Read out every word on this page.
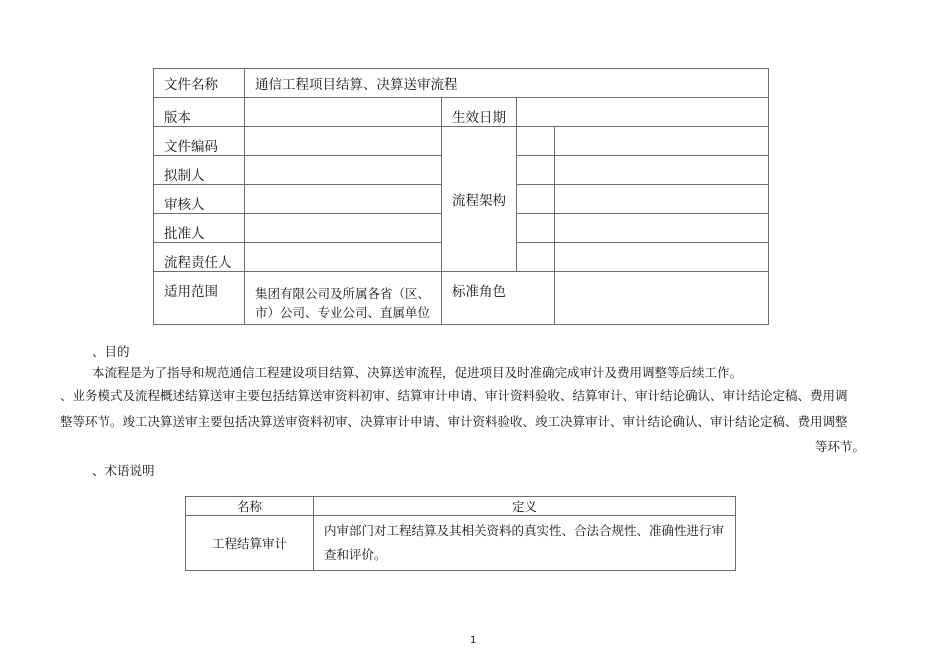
文件名称	通信工程项目结算、决算送审流程			
版本		生效日期		
文件编码		流程架构		
拟制人				
审核人				
批准人				
流程责任人				
适用范围	集团有限公司及所属各省（区、市）公司、专业公司、直属单位	标准角色		
、目的
本流程是为了指导和规范通信工程建设项目结算、决算送审流程，促进项目及时准确完成审计及费用调整等后续工作。
、业务模式及流程概述结算送审主要包括结算送审资料初审、结算审计申请、审计资料验收、结算审计、审计结论确认、审计结论定稿、费用调
整等环节。竣工决算送审主要包括决算送审资料初审、决算审计申请、审计资料验收、竣工决算审计、审计结论确认、审计结论定稿、费用调整
等环节。
、术语说明
名称	定义
工程结算审计	内审部门对工程结算及其相关资料的真实性、合法合规性、准确性进行审查和评价。
1
